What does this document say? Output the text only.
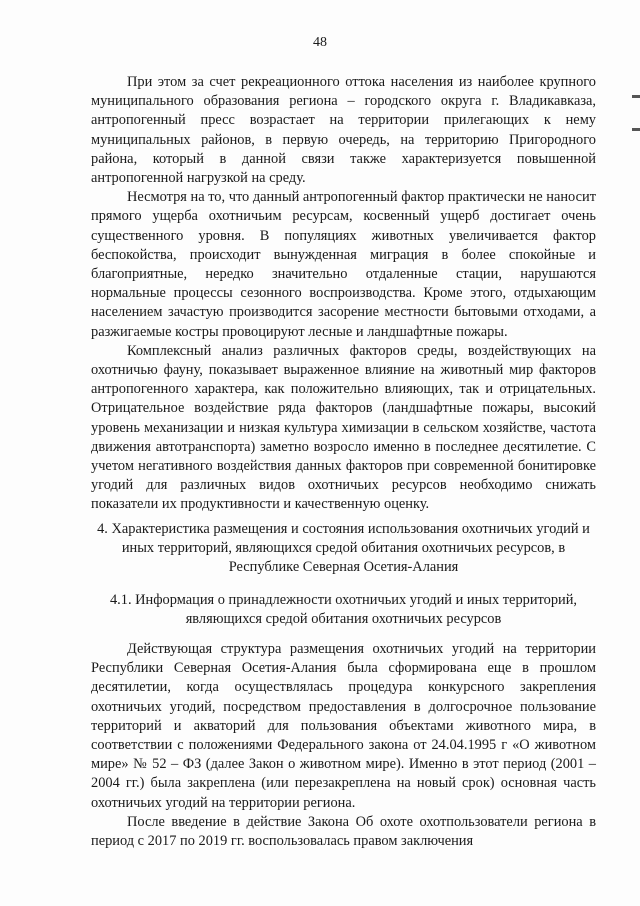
48

При этом за счет рекреационного оттока населения из наиболее крупного муниципального образования региона – городского округа г. Владикавказа, антропогенный пресс возрастает на территории прилегающих к нему муниципальных районов, в первую очередь, на территорию Пригородного района, который в данной связи также характеризуется повышенной антропогенной нагрузкой на среду.

Несмотря на то, что данный антропогенный фактор практически не наносит прямого ущерба охотничьим ресурсам, косвенный ущерб достигает очень существенного уровня. В популяциях животных увеличивается фактор беспокойства, происходит вынужденная миграция в более спокойные и благоприятные, нередко значительно отдаленные стации, нарушаются нормальные процессы сезонного воспроизводства. Кроме этого, отдыхающим населением зачастую производится засорение местности бытовыми отходами, а разжигаемые костры провоцируют лесные и ландшафтные пожары.

Комплексный анализ различных факторов среды, воздействующих на охотничью фауну, показывает выраженное влияние на животный мир факторов антропогенного характера, как положительно влияющих, так и отрицательных. Отрицательное воздействие ряда факторов (ландшафтные пожары, высокий уровень механизации и низкая культура химизации в сельском хозяйстве, частота движения автотранспорта) заметно возросло именно в последнее десятилетие. С учетом негативного воздействия данных факторов при современной бонитировке угодий для различных видов охотничьих ресурсов необходимо снижать показатели их продуктивности и качественную оценку.

4. Характеристика размещения и состояния использования охотничьих угодий и иных территорий, являющихся средой обитания охотничьих ресурсов, в Республике Северная Осетия-Алания
4.1. Информация о принадлежности охотничьих угодий и иных территорий, являющихся средой обитания охотничьих ресурсов

Действующая структура размещения охотничьих угодий на территории Республики Северная Осетия-Алания была сформирована еще в прошлом десятилетии, когда осуществлялась процедура конкурсного закрепления охотничьих угодий, посредством предоставления в долгосрочное пользование территорий и акваторий для пользования объектами животного мира, в соответствии с положениями Федерального закона от 24.04.1995 г «О животном мире» № 52 – ФЗ (далее Закон о животном мире). Именно в этот период (2001 – 2004 гг.) была закреплена (или перезакреплена на новый срок) основная часть охотничьих угодий на территории региона.

После введение в действие Закона Об охоте охотпользователи региона в период с 2017 по 2019 гг. воспользовалась правом заключения
